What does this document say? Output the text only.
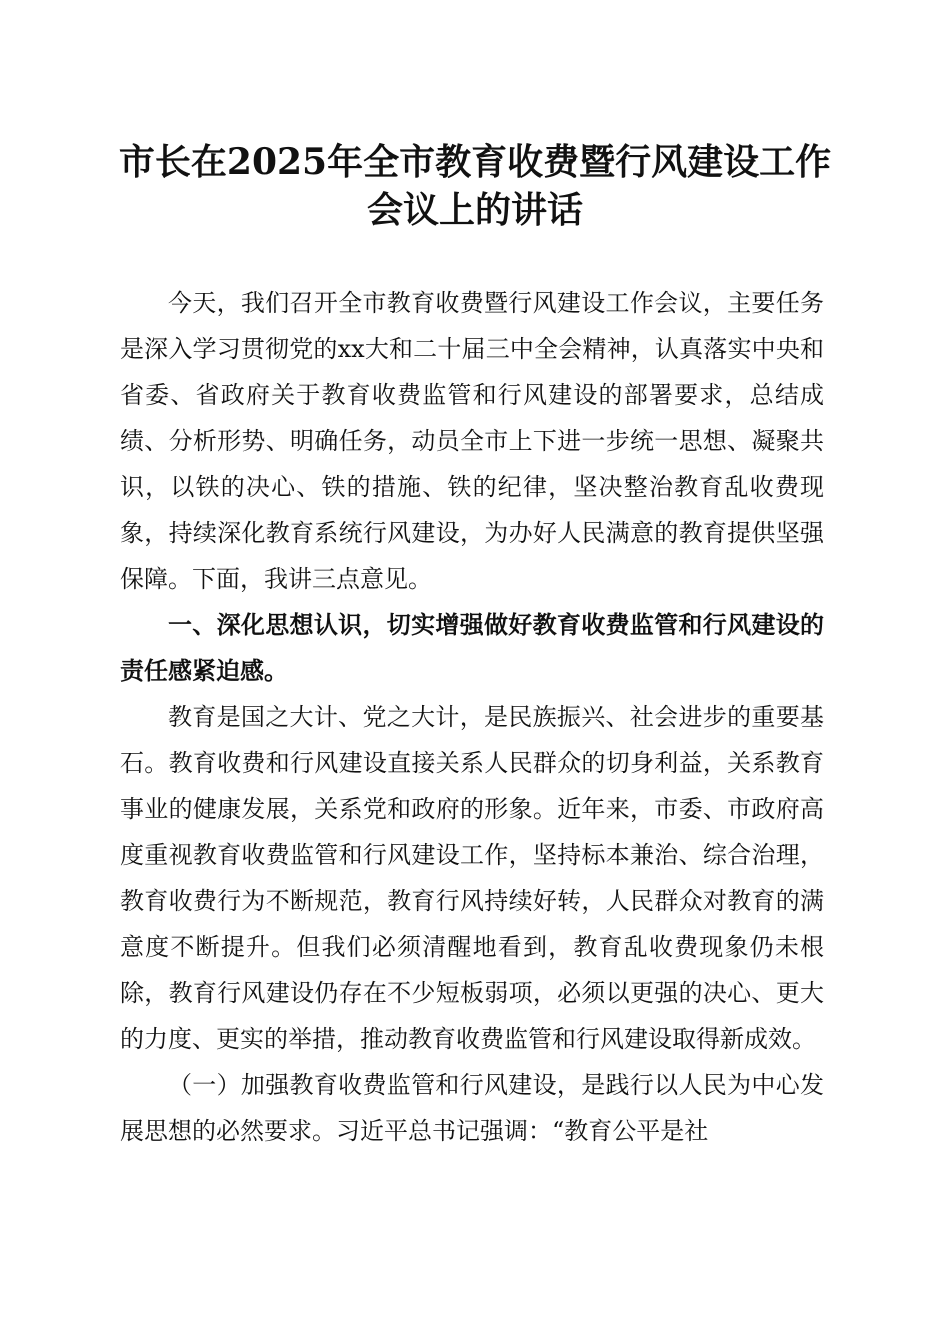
市长在2025年全市教育收费暨行风建设工作
会议上的讲话

今天，我们召开全市教育收费暨行风建设工作会议，主要任务是深入学习贯彻党的xx大和二十届三中全会精神，认真落实中央和省委、省政府关于教育收费监管和行风建设的部署要求，总结成绩、分析形势、明确任务，动员全市上下进一步统一思想、凝聚共识，以铁的决心、铁的措施、铁的纪律，坚决整治教育乱收费现象，持续深化教育系统行风建设，为办好人民满意的教育提供坚强保障。下面，我讲三点意见。

一、深化思想认识，切实增强做好教育收费监管和行风建设的责任感紧迫感。

教育是国之大计、党之大计，是民族振兴、社会进步的重要基石。教育收费和行风建设直接关系人民群众的切身利益，关系教育事业的健康发展，关系党和政府的形象。近年来，市委、市政府高度重视教育收费监管和行风建设工作，坚持标本兼治、综合治理，教育收费行为不断规范，教育行风持续好转，人民群众对教育的满意度不断提升。但我们必须清醒地看到，教育乱收费现象仍未根除，教育行风建设仍存在不少短板弱项，必须以更强的决心、更大的力度、更实的举措，推动教育收费监管和行风建设取得新成效。

（一）加强教育收费监管和行风建设，是践行以人民为中心发展思想的必然要求。习近平总书记强调：“教育公平是社
